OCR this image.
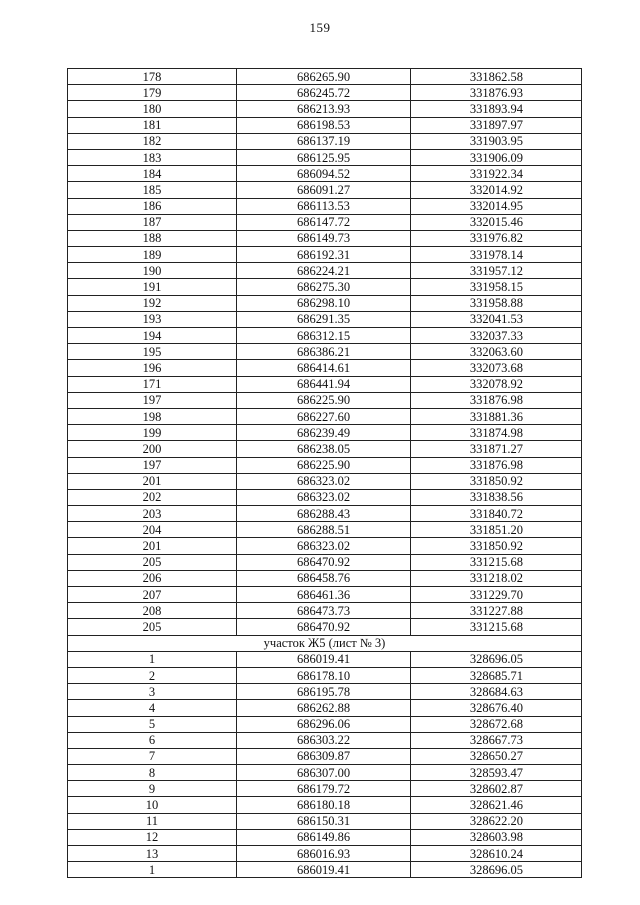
159
178	686265.90	331862.58
179	686245.72	331876.93
180	686213.93	331893.94
181	686198.53	331897.97
182	686137.19	331903.95
183	686125.95	331906.09
184	686094.52	331922.34
185	686091.27	332014.92
186	686113.53	332014.95
187	686147.72	332015.46
188	686149.73	331976.82
189	686192.31	331978.14
190	686224.21	331957.12
191	686275.30	331958.15
192	686298.10	331958.88
193	686291.35	332041.53
194	686312.15	332037.33
195	686386.21	332063.60
196	686414.61	332073.68
171	686441.94	332078.92
197	686225.90	331876.98
198	686227.60	331881.36
199	686239.49	331874.98
200	686238.05	331871.27
197	686225.90	331876.98
201	686323.02	331850.92
202	686323.02	331838.56
203	686288.43	331840.72
204	686288.51	331851.20
201	686323.02	331850.92
205	686470.92	331215.68
206	686458.76	331218.02
207	686461.36	331229.70
208	686473.73	331227.88
205	686470.92	331215.68
участок Ж5 (лист № 3)		
1	686019.41	328696.05
2	686178.10	328685.71
3	686195.78	328684.63
4	686262.88	328676.40
5	686296.06	328672.68
6	686303.22	328667.73
7	686309.87	328650.27
8	686307.00	328593.47
9	686179.72	328602.87
10	686180.18	328621.46
11	686150.31	328622.20
12	686149.86	328603.98
13	686016.93	328610.24
1	686019.41	328696.05
